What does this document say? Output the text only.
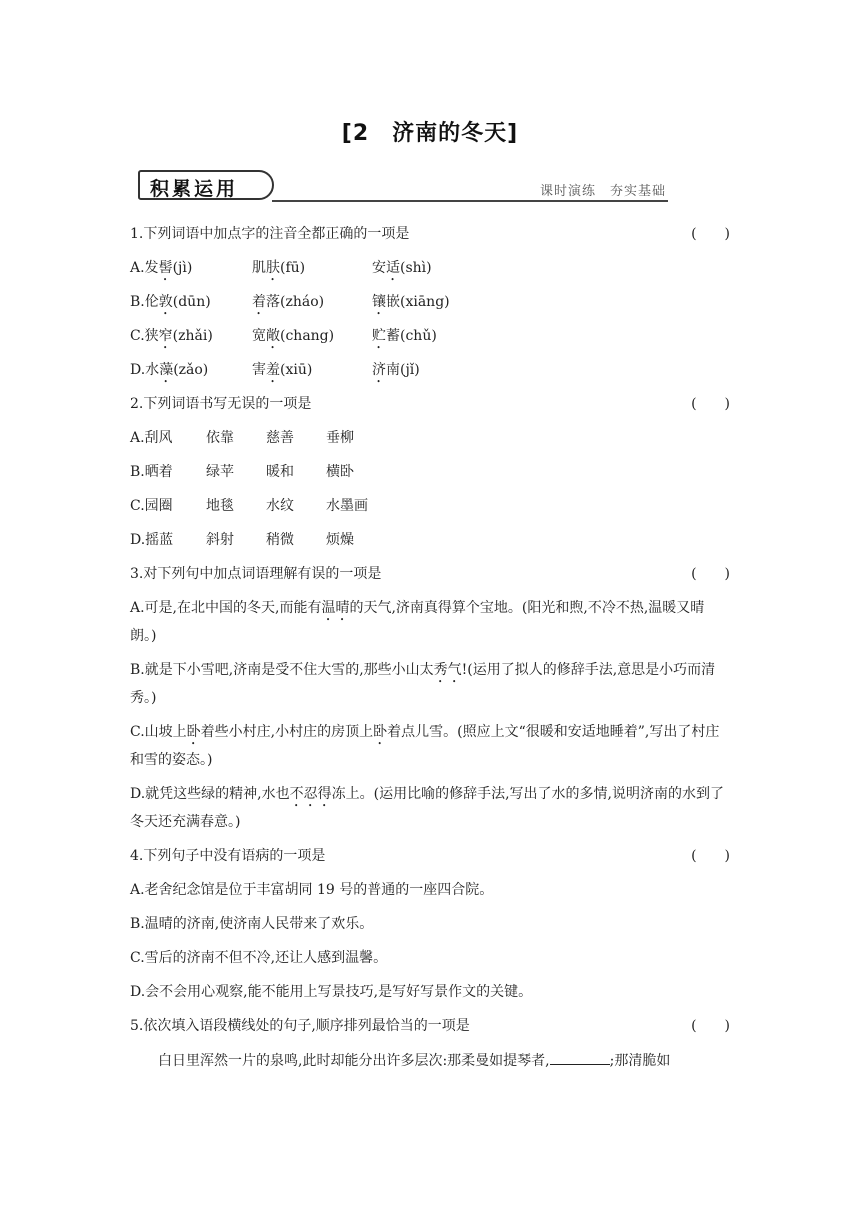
[2　济南的冬天]
积累运用	课时演练　夯实基础
1.下列词语中加点字的注音全都正确的一项是	(　　)
A.发髻(jì)	肌肤(fū)	安适(shì)
B.伦敦(dūn)	着落(zháo)	镶嵌(xiāng)
C.狭窄(zhǎi)	宽敞(chang)	贮蓄(chǔ)
D.水藻(zǎo)	害羞(xiū)	济南(jǐ)
2.下列词语书写无误的一项是	(　　)
A.刮风	依靠	慈善	垂柳
B.晒着	绿苹	暖和	横卧
C.园圈	地毯	水纹	水墨画
D.摇蓝	斜射	稍微	烦燥
3.对下列句中加点词语理解有误的一项是	(　　)
A.可是,在北中国的冬天,而能有温晴的天气,济南真得算个宝地。(阳光和煦,不冷不热,温暖又晴朗。)
B.就是下小雪吧,济南是受不住大雪的,那些小山太秀气!(运用了拟人的修辞手法,意思是小巧而清秀。)
C.山坡上卧着些小村庄,小村庄的房顶上卧着点儿雪。(照应上文“很暖和安适地睡着”,写出了村庄和雪的姿态。)
D.就凭这些绿的精神,水也不忍得冻上。(运用比喻的修辞手法,写出了水的多情,说明济南的水到了冬天还充满春意。)
4.下列句子中没有语病的一项是	(　　)
A.老舍纪念馆是位于丰富胡同 19 号的普通的一座四合院。
B.温晴的济南,使济南人民带来了欢乐。
C.雪后的济南不但不冷,还让人感到温馨。
D.会不会用心观察,能不能用上写景技巧,是写好写景作文的关键。
5.依次填入语段横线处的句子,顺序排列最恰当的一项是	(　　)
白日里浑然一片的泉鸣,此时却能分出许多层次:那柔曼如提琴者,	;那清脆如
